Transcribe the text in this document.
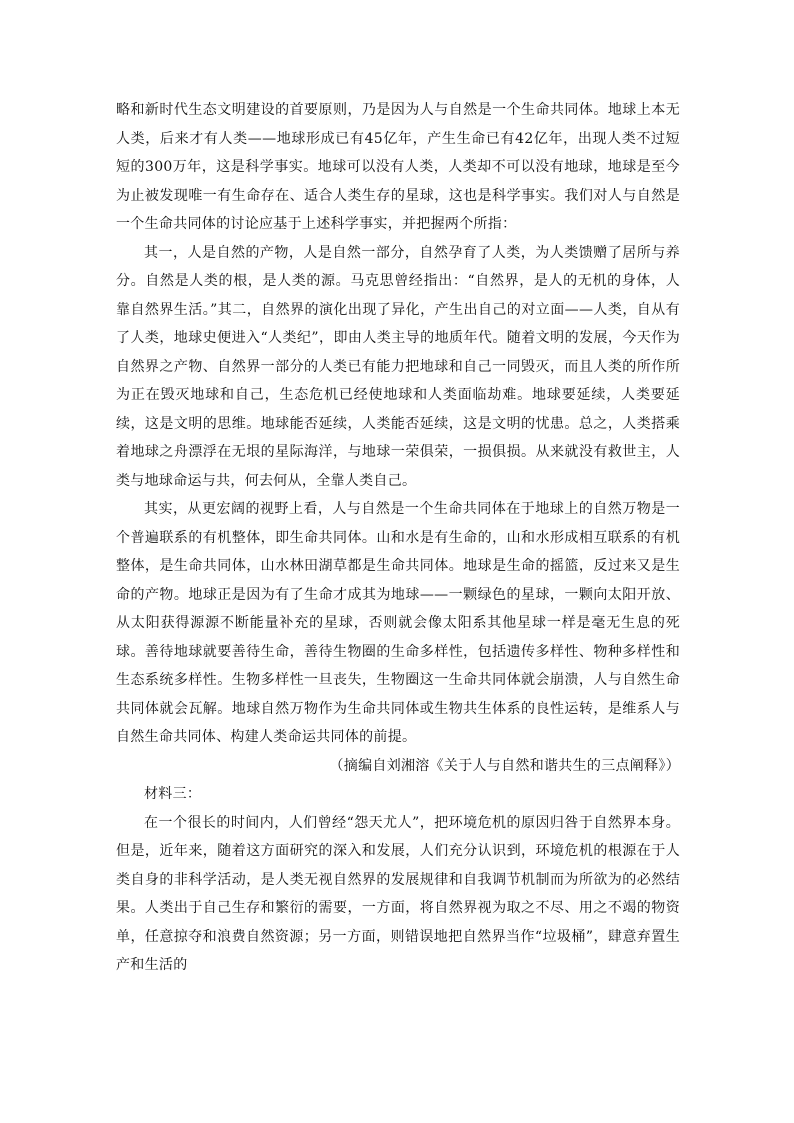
略和新时代生态文明建设的首要原则，乃是因为人与自然是一个生命共同体。地球上本无人类，后来才有人类——地球形成已有45亿年，产生生命已有42亿年，出现人类不过短短的300万年，这是科学事实。地球可以没有人类，人类却不可以没有地球，地球是至今为止被发现唯一有生命存在、适合人类生存的星球，这也是科学事实。我们对人与自然是一个生命共同体的讨论应基于上述科学事实，并把握两个所指：

其一，人是自然的产物，人是自然一部分，自然孕育了人类，为人类馈赠了居所与养分。自然是人类的根，是人类的源。马克思曾经指出：“自然界，是人的无机的身体，人靠自然界生活。”其二，自然界的演化出现了异化，产生出自己的对立面——人类，自从有了人类，地球史便进入“人类纪”，即由人类主导的地质年代。随着文明的发展，今天作为自然界之产物、自然界一部分的人类已有能力把地球和自己一同毁灭，而且人类的所作所为正在毁灭地球和自己，生态危机已经使地球和人类面临劫难。地球要延续，人类要延续，这是文明的思维。地球能否延续，人类能否延续，这是文明的忧患。总之，人类搭乘着地球之舟漂浮在无垠的星际海洋，与地球一荣俱荣，一损俱损。从来就没有救世主，人类与地球命运与共，何去何从，全靠人类自己。

其实，从更宏阔的视野上看，人与自然是一个生命共同体在于地球上的自然万物是一个普遍联系的有机整体，即生命共同体。山和水是有生命的，山和水形成相互联系的有机整体，是生命共同体，山水林田湖草都是生命共同体。地球是生命的摇篮，反过来又是生命的产物。地球正是因为有了生命才成其为地球——一颗绿色的星球，一颗向太阳开放、从太阳获得源源不断能量补充的星球，否则就会像太阳系其他星球一样是毫无生息的死球。善待地球就要善待生命，善待生物圈的生命多样性，包括遗传多样性、物种多样性和生态系统多样性。生物多样性一旦丧失，生物圈这一生命共同体就会崩溃，人与自然生命共同体就会瓦解。地球自然万物作为生命共同体或生物共生体系的良性运转，是维系人与自然生命共同体、构建人类命运共同体的前提。

（摘编自刘湘溶《关于人与自然和谐共生的三点阐释》）

材料三：

在一个很长的时间内，人们曾经“怨天尤人”，把环境危机的原因归咎于自然界本身。但是，近年来，随着这方面研究的深入和发展，人们充分认识到，环境危机的根源在于人类自身的非科学活动，是人类无视自然界的发展规律和自我调节机制而为所欲为的必然结果。人类出于自己生存和繁衍的需要，一方面，将自然界视为取之不尽、用之不竭的物资单，任意掠夺和浪费自然资源；另一方面，则错误地把自然界当作“垃圾桶”，肆意弃置生产和生活的
